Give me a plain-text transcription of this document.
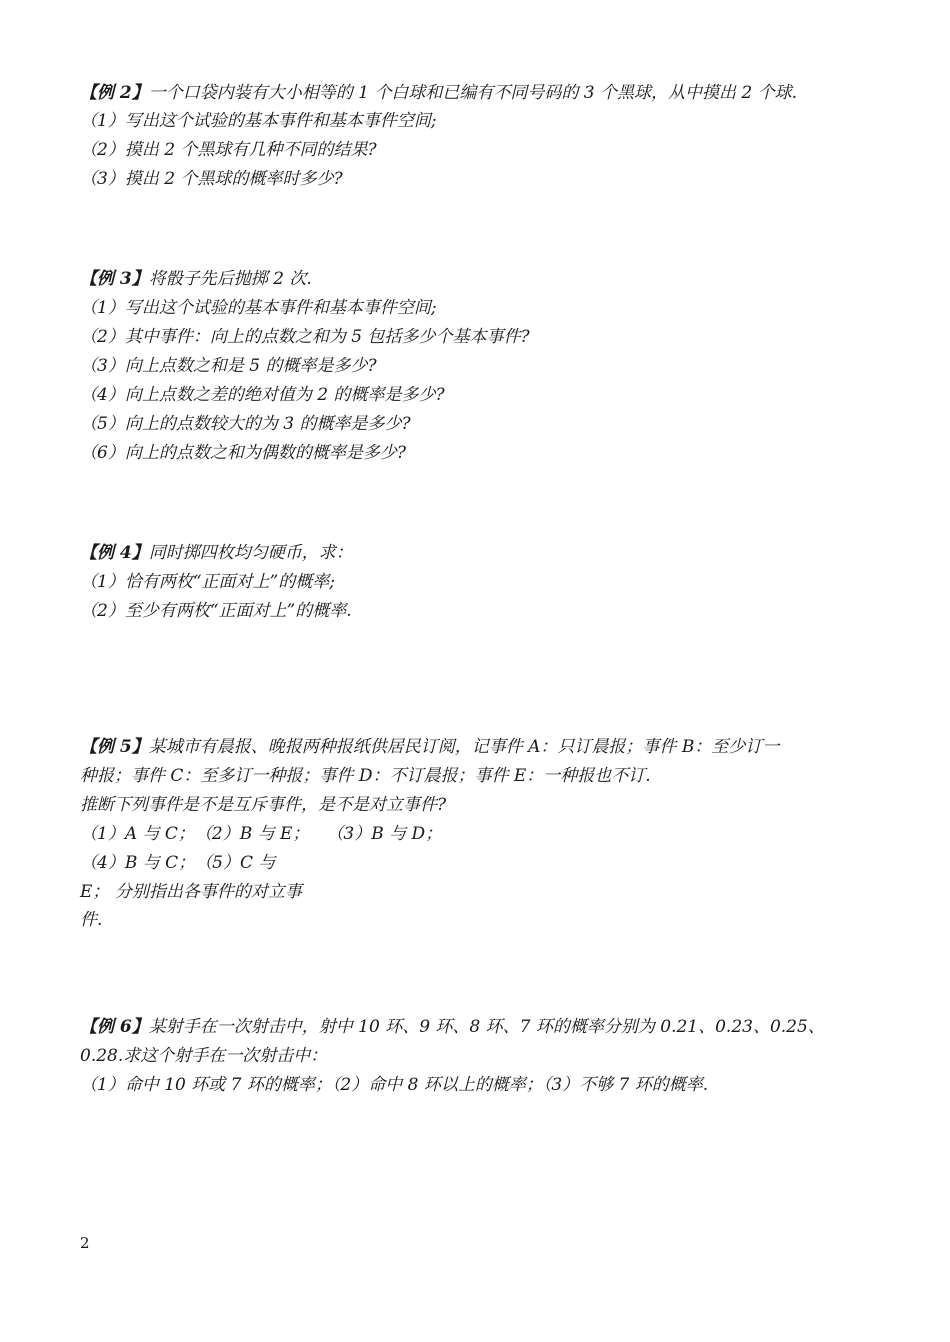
【例 2】一个口袋内装有大小相等的 1 个白球和已编有不同号码的 3 个黑球，从中摸出 2 个球.
（1）写出这个试验的基本事件和基本事件空间;
（2）摸出 2 个黑球有几种不同的结果?
（3）摸出 2 个黑球的概率时多少?
【例 3】将骰子先后抛掷 2 次.
（1）写出这个试验的基本事件和基本事件空间;
（2）其中事件：向上的点数之和为 5 包括多少个基本事件?
（3）向上点数之和是 5 的概率是多少?
（4）向上点数之差的绝对值为 2 的概率是多少?
（5）向上的点数较大的为 3 的概率是多少?
（6）向上的点数之和为偶数的概率是多少?
【例 4】同时掷四枚均匀硬币，求：
（1）恰有两枚“正面对上”的概率;
（2）至少有两枚“正面对上”的概率.
【例 5】某城市有晨报、晚报两种报纸供居民订阅，记事件 A：只订晨报；事件 B：至少订一
种报；事件 C：至多订一种报；事件 D：不订晨报；事件 E：一种报也不订.
推断下列事件是不是互斥事件，是不是对立事件?
（1）A 与 C；　（2）B 与 E；　　（3）B 与 D；
（4）B 与 C；　（5）C 与
E； 分别指出各事件的对立事
件.
【例 6】某射手在一次射击中，射中 10 环、9 环、8 环、7 环的概率分别为 0.21、0.23、0.25、
0.28.求这个射手在一次射击中：
（1）命中 10 环或 7 环的概率；（2）命中 8 环以上的概率；（3）不够 7 环的概率.
2
